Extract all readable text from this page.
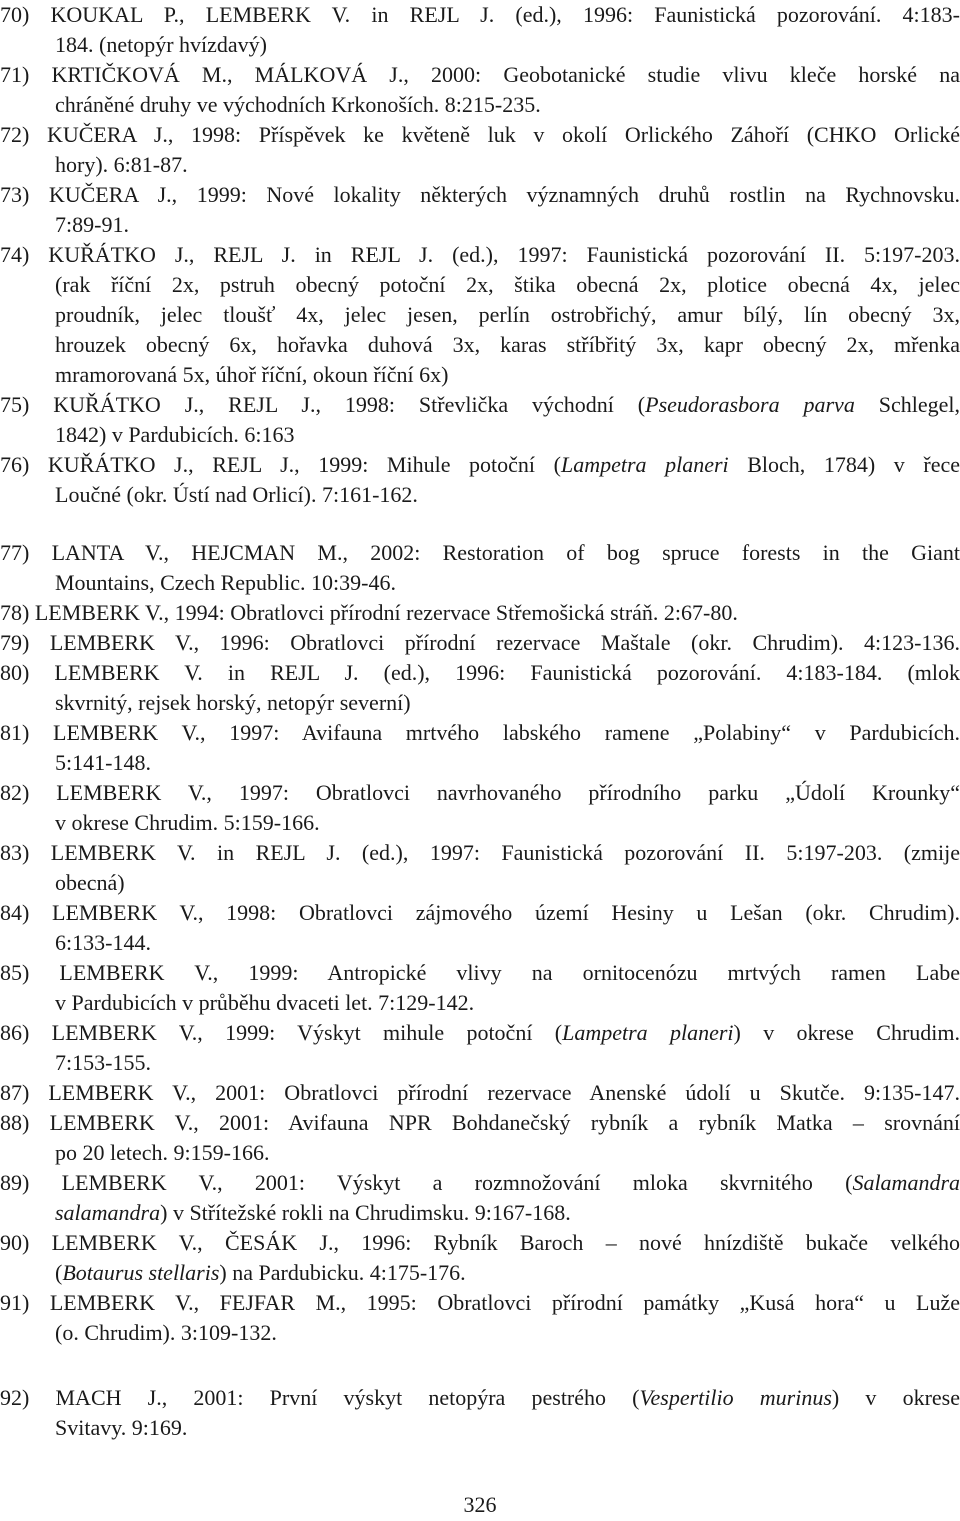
70) KOUKAL P., LEMBERK V. in REJL J. (ed.), 1996: Faunistická pozorování. 4:183-
184. (netopýr hvízdavý)
71) KRTIČKOVÁ M., MÁLKOVÁ J., 2000: Geobotanické studie vlivu kleče horské na
chráněné druhy ve východních Krkonoších. 8:215-235.
72) KUČERA J., 1998: Příspěvek ke květeně luk v okolí Orlického Záhoří (CHKO Orlické
hory). 6:81-87.
73) KUČERA J., 1999: Nové lokality některých významných druhů rostlin na Rychnovsku.
7:89-91.
74) KUŘÁTKO J., REJL J. in REJL J. (ed.), 1997: Faunistická pozorování II. 5:197-203.
(rak říční 2x, pstruh obecný potoční 2x, štika obecná 2x, plotice obecná 4x, jelec
proudník, jelec tloušť 4x, jelec jesen, perlín ostrobřichý, amur bílý, lín obecný 3x,
hrouzek obecný 6x, hořavka duhová 3x, karas stříbřitý 3x, kapr obecný 2x, mřenka
mramorovaná 5x, úhoř říční, okoun říční 6x)
75) KUŘÁTKO J., REJL J., 1998: Střevlička východní (Pseudorasbora parva Schlegel,
1842) v Pardubicích. 6:163
76) KUŘÁTKO J., REJL J., 1999: Mihule potoční (Lampetra planeri Bloch, 1784) v řece
Loučné (okr. Ústí nad Orlicí). 7:161-162.
77) LANTA V., HEJCMAN M., 2002: Restoration of bog spruce forests in the Giant
Mountains, Czech Republic. 10:39-46.
78) LEMBERK V., 1994: Obratlovci přírodní rezervace Střemošická stráň. 2:67-80.
79) LEMBERK V., 1996: Obratlovci přírodní rezervace Maštale (okr. Chrudim). 4:123-136.
80) LEMBERK V. in REJL J. (ed.), 1996: Faunistická pozorování. 4:183-184. (mlok
skvrnitý, rejsek horský, netopýr severní)
81) LEMBERK V., 1997: Avifauna mrtvého labského ramene „Polabiny“ v Pardubicích.
5:141-148.
82) LEMBERK V., 1997: Obratlovci navrhovaného přírodního parku „Údolí Krounky“
v okrese Chrudim. 5:159-166.
83) LEMBERK V. in REJL J. (ed.), 1997: Faunistická pozorování II. 5:197-203. (zmije
obecná)
84) LEMBERK V., 1998: Obratlovci zájmového území Hesiny u Lešan (okr. Chrudim).
6:133-144.
85) LEMBERK V., 1999: Antropické vlivy na ornitocenózu mrtvých ramen Labe
v Pardubicích v průběhu dvaceti let. 7:129-142.
86) LEMBERK V., 1999: Výskyt mihule potoční (Lampetra planeri) v okrese Chrudim.
7:153-155.
87) LEMBERK V., 2001: Obratlovci přírodní rezervace Anenské údolí u Skutče. 9:135-147.
88) LEMBERK V., 2001: Avifauna NPR Bohdanečský rybník a rybník Matka – srovnání
po 20 letech. 9:159-166.
89) LEMBERK V., 2001: Výskyt a rozmnožování mloka skvrnitého (Salamandra
salamandra) v Střítežské rokli na Chrudimsku. 9:167-168.
90) LEMBERK V., ČESÁK J., 1996: Rybník Baroch – nové hnízdiště bukače velkého
(Botaurus stellaris) na Pardubicku. 4:175-176.
91) LEMBERK V., FEJFAR M., 1995: Obratlovci přírodní památky „Kusá hora“ u Luže
(o. Chrudim). 3:109-132.
92) MACH J., 2001: První výskyt netopýra pestrého (Vespertilio murinus) v okrese
Svitavy. 9:169.
326
